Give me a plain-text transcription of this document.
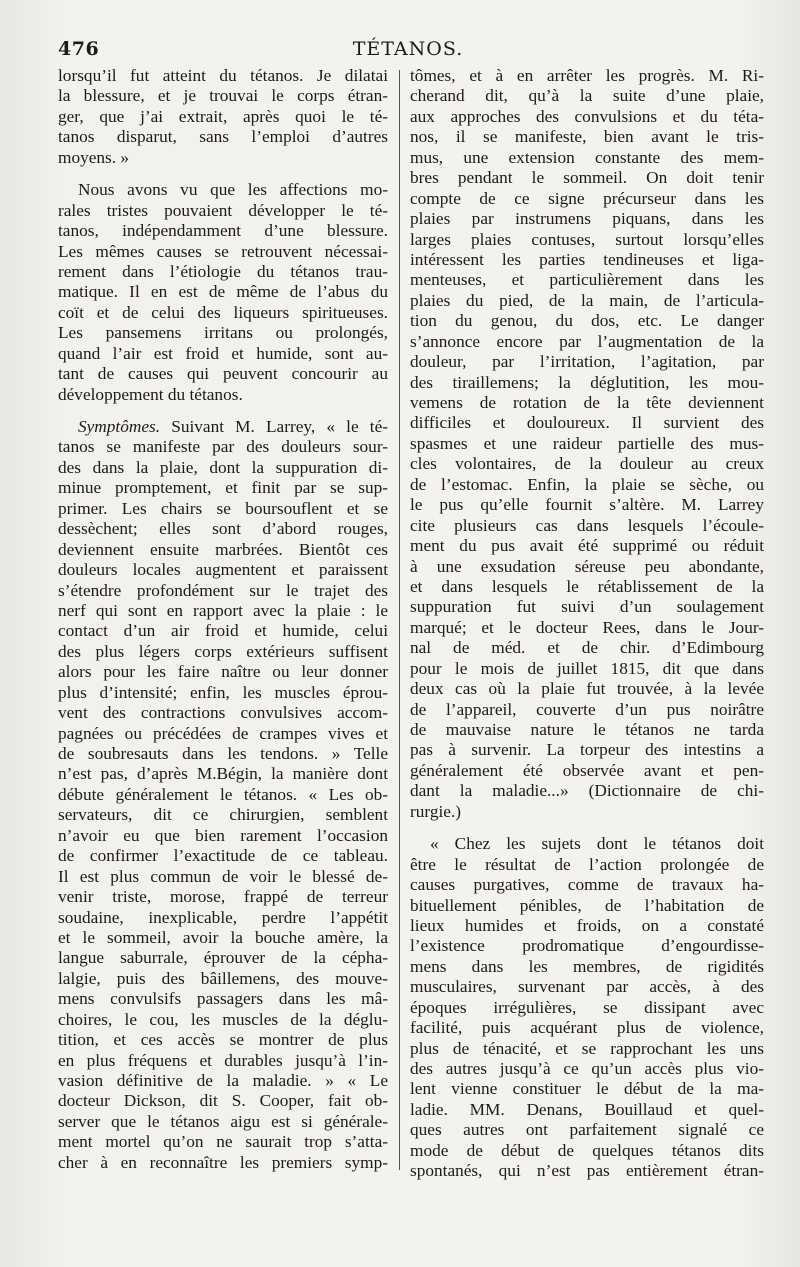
476	TÉTANOS.
lorsqu’il fut atteint du tétanos. Je dilatai
la blessure, et je trouvai le corps étran-
ger, que j’ai extrait, après quoi le té-
tanos disparut, sans l’emploi d’autres
moyens. »
Nous avons vu que les affections mo-
rales tristes pouvaient développer le té-
tanos, indépendamment d’une blessure.
Les mêmes causes se retrouvent nécessai-
rement dans l’étiologie du tétanos trau-
matique. Il en est de même de l’abus du
coït et de celui des liqueurs spiritueuses.
Les pansemens irritans ou prolongés,
quand l’air est froid et humide, sont au-
tant de causes qui peuvent concourir au
développement du tétanos.
Symptômes. Suivant M. Larrey, « le té-
tanos se manifeste par des douleurs sour-
des dans la plaie, dont la suppuration di-
minue promptement, et finit par se sup-
primer. Les chairs se boursouflent et se
dessèchent; elles sont d’abord rouges,
deviennent ensuite marbrées. Bientôt ces
douleurs locales augmentent et paraissent
s’étendre profondément sur le trajet des
nerf qui sont en rapport avec la plaie : le
contact d’un air froid et humide, celui
des plus légers corps extérieurs suffisent
alors pour les faire naître ou leur donner
plus d’intensité; enfin, les muscles éprou-
vent des contractions convulsives accom-
pagnées ou précédées de crampes vives et
de soubresauts dans les tendons. » Telle
n’est pas, d’après M.Bégin, la manière dont
débute généralement le tétanos. « Les ob-
servateurs, dit ce chirurgien, semblent
n’avoir eu que bien rarement l’occasion
de confirmer l’exactitude de ce tableau.
Il est plus commun de voir le blessé de-
venir triste, morose, frappé de terreur
soudaine, inexplicable, perdre l’appétit
et le sommeil, avoir la bouche amère, la
langue saburrale, éprouver de la cépha-
lalgie, puis des bâillemens, des mouve-
mens convulsifs passagers dans les mâ-
choires, le cou, les muscles de la déglu-
tition, et ces accès se montrer de plus
en plus fréquens et durables jusqu’à l’in-
vasion définitive de la maladie. » « Le
docteur Dickson, dit S. Cooper, fait ob-
server que le tétanos aigu est si générale-
ment mortel qu’on ne saurait trop s’atta-
cher à en reconnaître les premiers symp-
tômes, et à en arrêter les progrès. M. Ri-
cherand dit, qu’à la suite d’une plaie,
aux approches des convulsions et du téta-
nos, il se manifeste, bien avant le tris-
mus, une extension constante des mem-
bres pendant le sommeil. On doit tenir
compte de ce signe précurseur dans les
plaies par instrumens piquans, dans les
larges plaies contuses, surtout lorsqu’elles
intéressent les parties tendineuses et liga-
menteuses, et particulièrement dans les
plaies du pied, de la main, de l’articula-
tion du genou, du dos, etc. Le danger
s’annonce encore par l’augmentation de la
douleur, par l’irritation, l’agitation, par
des tiraillemens; la déglutition, les mou-
vemens de rotation de la tête deviennent
difficiles et douloureux. Il survient des
spasmes et une raideur partielle des mus-
cles volontaires, de la douleur au creux
de l’estomac. Enfin, la plaie se sèche, ou
le pus qu’elle fournit s’altère. M. Larrey
cite plusieurs cas dans lesquels l’écoule-
ment du pus avait été supprimé ou réduit
à une exsudation séreuse peu abondante,
et dans lesquels le rétablissement de la
suppuration fut suivi d’un soulagement
marqué; et le docteur Rees, dans le Jour-
nal de méd. et de chir. d’Edimbourg
pour le mois de juillet 1815, dit que dans
deux cas où la plaie fut trouvée, à la levée
de l’appareil, couverte d’un pus noirâtre
de mauvaise nature le tétanos ne tarda
pas à survenir. La torpeur des intestins a
généralement été observée avant et pen-
dant la maladie...» (Dictionnaire de chi-
rurgie.)
« Chez les sujets dont le tétanos doit
être le résultat de l’action prolongée de
causes purgatives, comme de travaux ha-
bituellement pénibles, de l’habitation de
lieux humides et froids, on a constaté
l’existence prodromatique d’engourdisse-
mens dans les membres, de rigidités
musculaires, survenant par accès, à des
époques irrégulières, se dissipant avec
facilité, puis acquérant plus de violence,
plus de ténacité, et se rapprochant les uns
des autres jusqu’à ce qu’un accès plus vio-
lent vienne constituer le début de la ma-
ladie. MM. Denans, Bouillaud et quel-
ques autres ont parfaitement signalé ce
mode de début de quelques tétanos dits
spontanés, qui n’est pas entièrement étran-
